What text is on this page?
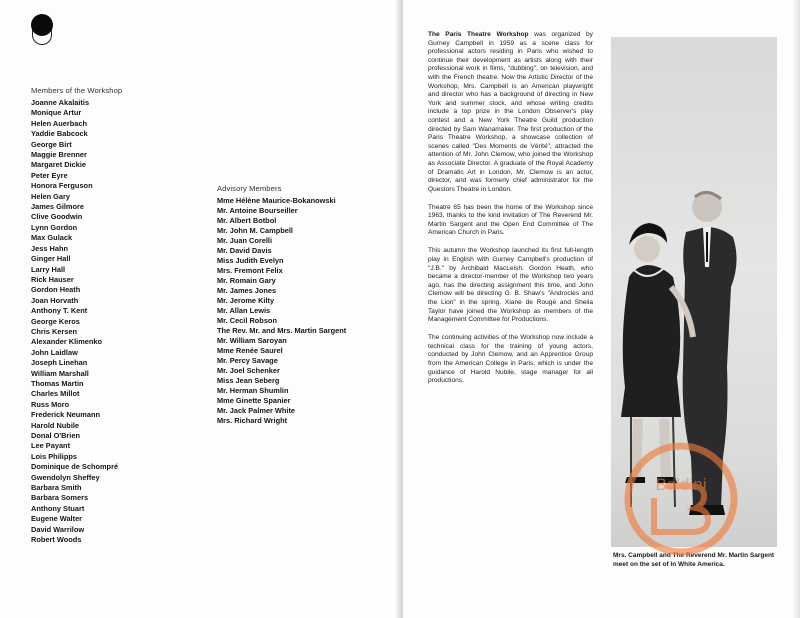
Members of the Workshop
Joanne Akalaitis
Monique Artur
Helen Auerbach
Yaddie Babcock
George Birt
Maggie Brenner
Margaret Dickie
Peter Eyre
Honora Ferguson
Helen Gary
James Gilmore
Clive Goodwin
Lynn Gordon
Max Gulack
Jess Hahn
Ginger Hall
Larry Hall
Rick Hauser
Gordon Heath
Joan Horvath
Anthony T. Kent
George Keros
Chris Kersen
Alexander Klimenko
John Laidlaw
Joseph Linehan
William Marshall
Thomas Martin
Charles Millot
Russ Moro
Frederick Neumann
Harold Nubile
Donal O'Brien
Lee Payant
Lois Philipps
Dominique de Schompré
Gwendolyn Sheffey
Barbara Smith
Barbara Somers
Anthony Stuart
Eugene Walter
David Warrilow
Robert Woods
Advisory Members
Mme Hélène Maurice-Bokanowski
Mr. Antoine Bourseiller
Mr. Albert Botbol
Mr. John M. Campbell
Mr. Juan Corelli
Mr. David Davis
Miss Judith Evelyn
Mrs. Fremont Felix
Mr. Romain Gary
Mr. James Jones
Mr. Jerome Kilty
Mr. Allan Lewis
Mr. Cecil Robson
The Rev. Mr. and Mrs. Martin Sargent
Mr. William Saroyan
Mme Renée Saurel
Mr. Percy Savage
Mr. Joel Schenker
Miss Jean Seberg
Mr. Herman Shumlin
Mme Ginette Spanier
Mr. Jack Palmer White
Mrs. Richard Wright

The Paris Theatre Workshop was organized by Gurney Campbell in 1959 as a scene class for professional actors residing in Paris who wished to continue their development as artists along with their professional work in films, "dubbing", on television, and with the French theatre. Now the Artistic Director of the Workshop, Mrs. Campbell is an American playwright and director who has a background of directing in New York and summer stock, and whose writing credits include a top prize in the London Observer's play contest and a New York Theatre Guild production directed by Sam Wanamaker. The first production of the Paris Theatre Workshop, a showcase collection of scenes called "Des Moments de Vérité", attracted the attention of Mr. John Clemow, who joined the Workshop as Associate Director. A graduate of the Royal Academy of Dramatic Art in London, Mr. Clemow is an actor, director, and was formerly chief administrator for the Questors Theatre in London.

Theatre 65 has been the home of the Workshop since 1963, thanks to the kind invitation of The Reverend Mr. Martin Sargent and the Open End Committee of The American Church in Paris.

This autumn the Workshop launched its first full-length play in English with Gurney Campbell's production of "J.B." by Archibald MacLeish. Gordon Heath, who became a director-member of the Workshop two years ago, has the directing assignment this time, and John Clemow will be directing G. B. Shaw's "Androcles and the Lion" in the spring. Xiane de Rougé and Sheila Taylor have joined the Workshop as members of the Management Committee for Productions.

The continuing activities of the Workshop now include a technical class for the training of young actors, conducted by John Clemow, and an Apprentice Group from the American College in Paris, which is under the guidance of Harold Nubile, stage manager for all productions.

Mrs. Campbell and The Reverend Mr. Martin Sargent meet on the set of In White America.
Baldini
